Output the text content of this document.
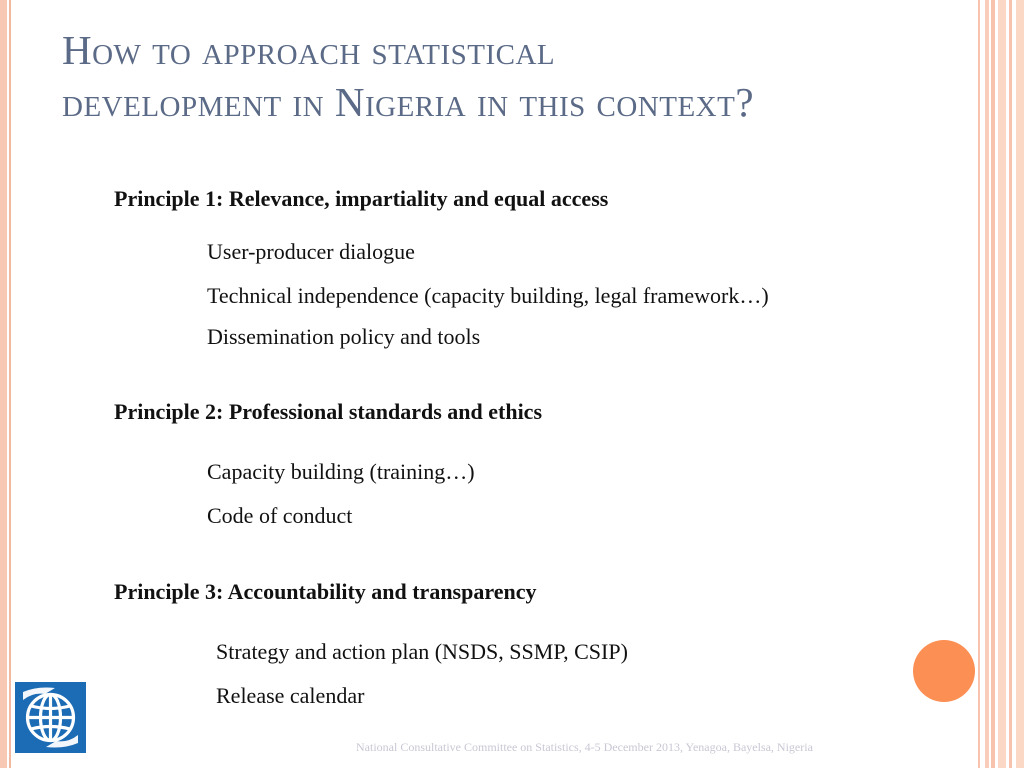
How to approach statistical
development in Nigeria in this context?
Principle 1: Relevance, impartiality and equal access
User-producer dialogue
Technical independence (capacity building, legal framework…)
Dissemination policy and tools
Principle 2: Professional standards and ethics
Capacity building (training…)
Code of conduct
Principle 3: Accountability and transparency
Strategy and action plan (NSDS, SSMP, CSIP)
Release calendar
National Consultative Committee on Statistics, 4-5 December 2013, Yenagoa, Bayelsa, Nigeria
